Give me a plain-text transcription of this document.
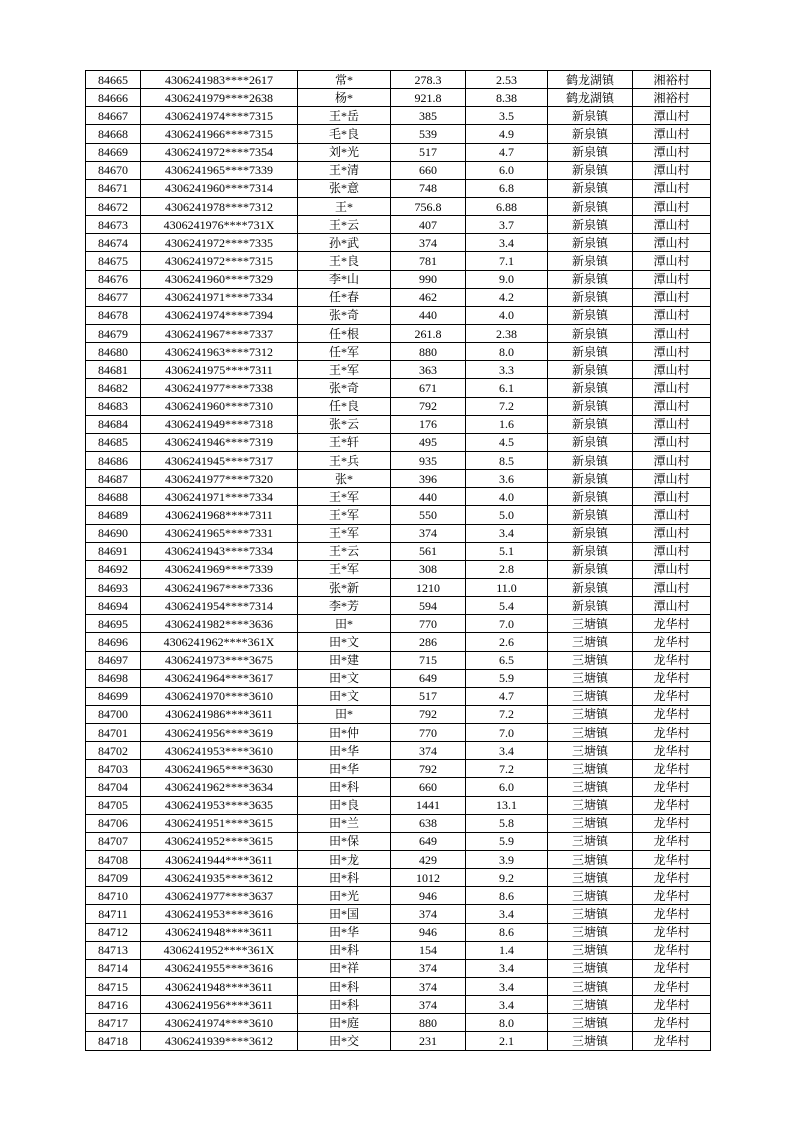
84665	4306241983****2617	常*	278.3	2.53	鹤龙湖镇	湘裕村
84666	4306241979****2638	杨*	921.8	8.38	鹤龙湖镇	湘裕村
84667	4306241974****7315	王*岳	385	3.5	新泉镇	潭山村
84668	4306241966****7315	毛*良	539	4.9	新泉镇	潭山村
84669	4306241972****7354	刘*光	517	4.7	新泉镇	潭山村
84670	4306241965****7339	王*清	660	6.0	新泉镇	潭山村
84671	4306241960****7314	张*意	748	6.8	新泉镇	潭山村
84672	4306241978****7312	王*	756.8	6.88	新泉镇	潭山村
84673	4306241976****731X	王*云	407	3.7	新泉镇	潭山村
84674	4306241972****7335	孙*武	374	3.4	新泉镇	潭山村
84675	4306241972****7315	王*良	781	7.1	新泉镇	潭山村
84676	4306241960****7329	李*山	990	9.0	新泉镇	潭山村
84677	4306241971****7334	任*春	462	4.2	新泉镇	潭山村
84678	4306241974****7394	张*奇	440	4.0	新泉镇	潭山村
84679	4306241967****7337	任*根	261.8	2.38	新泉镇	潭山村
84680	4306241963****7312	任*军	880	8.0	新泉镇	潭山村
84681	4306241975****7311	王*军	363	3.3	新泉镇	潭山村
84682	4306241977****7338	张*奇	671	6.1	新泉镇	潭山村
84683	4306241960****7310	任*良	792	7.2	新泉镇	潭山村
84684	4306241949****7318	张*云	176	1.6	新泉镇	潭山村
84685	4306241946****7319	王*轩	495	4.5	新泉镇	潭山村
84686	4306241945****7317	王*兵	935	8.5	新泉镇	潭山村
84687	4306241977****7320	张*	396	3.6	新泉镇	潭山村
84688	4306241971****7334	王*军	440	4.0	新泉镇	潭山村
84689	4306241968****7311	王*军	550	5.0	新泉镇	潭山村
84690	4306241965****7331	王*军	374	3.4	新泉镇	潭山村
84691	4306241943****7334	王*云	561	5.1	新泉镇	潭山村
84692	4306241969****7339	王*军	308	2.8	新泉镇	潭山村
84693	4306241967****7336	张*新	1210	11.0	新泉镇	潭山村
84694	4306241954****7314	李*芳	594	5.4	新泉镇	潭山村
84695	4306241982****3636	田*	770	7.0	三塘镇	龙华村
84696	4306241962****361X	田*文	286	2.6	三塘镇	龙华村
84697	4306241973****3675	田*建	715	6.5	三塘镇	龙华村
84698	4306241964****3617	田*文	649	5.9	三塘镇	龙华村
84699	4306241970****3610	田*文	517	4.7	三塘镇	龙华村
84700	4306241986****3611	田*	792	7.2	三塘镇	龙华村
84701	4306241956****3619	田*仲	770	7.0	三塘镇	龙华村
84702	4306241953****3610	田*华	374	3.4	三塘镇	龙华村
84703	4306241965****3630	田*华	792	7.2	三塘镇	龙华村
84704	4306241962****3634	田*科	660	6.0	三塘镇	龙华村
84705	4306241953****3635	田*良	1441	13.1	三塘镇	龙华村
84706	4306241951****3615	田*兰	638	5.8	三塘镇	龙华村
84707	4306241952****3615	田*保	649	5.9	三塘镇	龙华村
84708	4306241944****3611	田*龙	429	3.9	三塘镇	龙华村
84709	4306241935****3612	田*科	1012	9.2	三塘镇	龙华村
84710	4306241977****3637	田*光	946	8.6	三塘镇	龙华村
84711	4306241953****3616	田*国	374	3.4	三塘镇	龙华村
84712	4306241948****3611	田*华	946	8.6	三塘镇	龙华村
84713	4306241952****361X	田*科	154	1.4	三塘镇	龙华村
84714	4306241955****3616	田*祥	374	3.4	三塘镇	龙华村
84715	4306241948****3611	田*科	374	3.4	三塘镇	龙华村
84716	4306241956****3611	田*科	374	3.4	三塘镇	龙华村
84717	4306241974****3610	田*庭	880	8.0	三塘镇	龙华村
84718	4306241939****3612	田*交	231	2.1	三塘镇	龙华村
